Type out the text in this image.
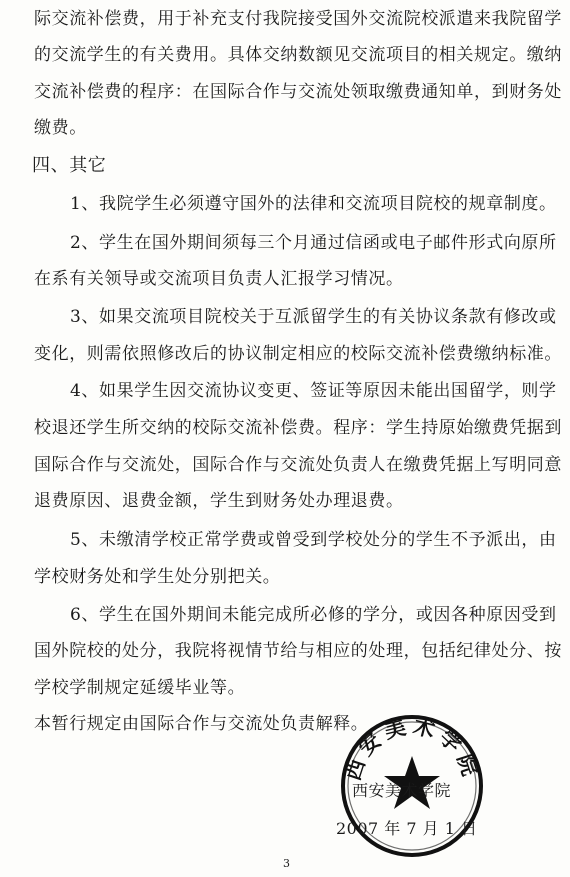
际交流补偿费，用于补充支付我院接受国外交流院校派遣来我院留学
的交流学生的有关费用。具体交纳数额见交流项目的相关规定。缴纳
交流补偿费的程序：在国际合作与交流处领取缴费通知单，到财务处
缴费。
四、其它
1、我院学生必须遵守国外的法律和交流项目院校的规章制度。
2、学生在国外期间须每三个月通过信函或电子邮件形式向原所
在系有关领导或交流项目负责人汇报学习情况。
3、如果交流项目院校关于互派留学生的有关协议条款有修改或
变化，则需依照修改后的协议制定相应的校际交流补偿费缴纳标准。
4、如果学生因交流协议变更、签证等原因未能出国留学，则学
校退还学生所交纳的校际交流补偿费。程序：学生持原始缴费凭据到
国际合作与交流处，国际合作与交流处负责人在缴费凭据上写明同意
退费原因、退费金额，学生到财务处办理退费。
5、未缴清学校正常学费或曾受到学校处分的学生不予派出，由
学校财务处和学生处分别把关。
6、学生在国外期间未能完成所必修的学分，或因各种原因受到
国外院校的处分，我院将视情节给与相应的处理，包括纪律处分、按
学校学制规定延缓毕业等。
本暂行规定由国际合作与交流处负责解释。
西安美术学院
西安美术学院
2007 年 7 月 1 日
3
